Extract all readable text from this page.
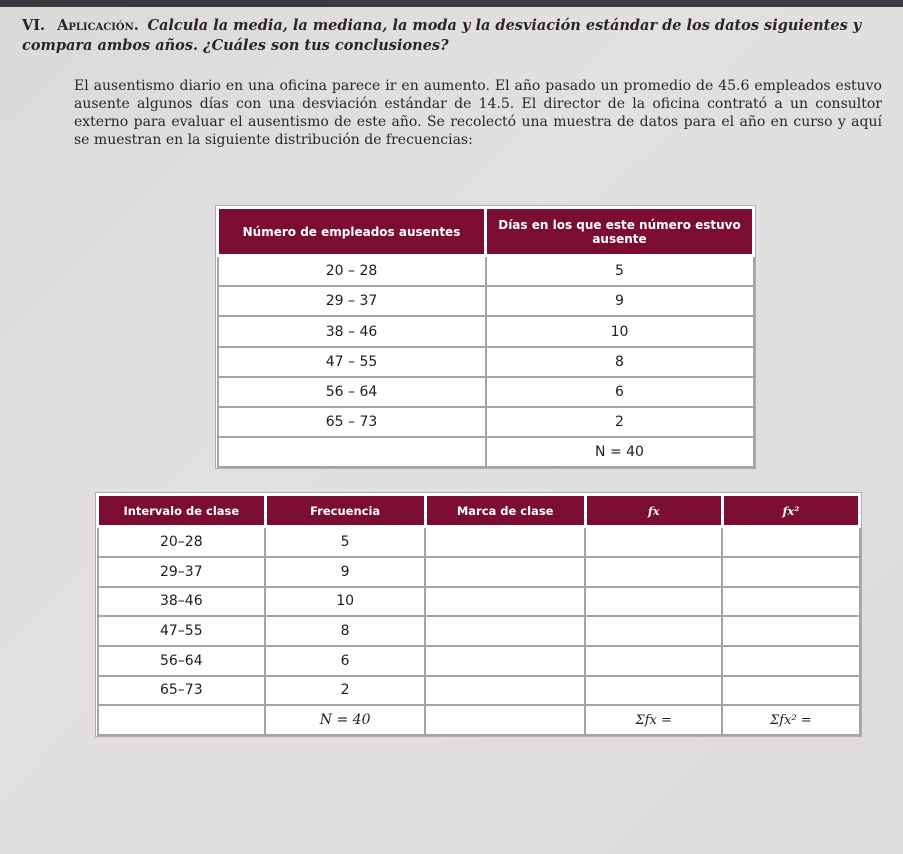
VI. Aplicación. Calcula la media, la mediana, la moda y la desviación estándar de los datos siguientes y compara ambos años. ¿Cuáles son tus conclusiones?
El ausentismo diario en una oficina parece ir en aumento. El año pasado un promedio de 45.6 empleados estuvo ausente algunos días con una desviación estándar de 14.5. El director de la oficina contrató a un consultor externo para evaluar el ausentismo de este año. Se recolectó una muestra de datos para el año en curso y aquí se muestran en la siguiente distribución de frecuencias:
Número de empleados ausentes	Días en los que este número estuvo ausente
20 – 28	5
29 – 37	9
38 – 46	10
47 – 55	8
56 – 64	6
65 – 73	2
	N = 40
Intervalo de clase	Frecuencia	Marca de clase	fx	fx²
20–28	5			
29–37	9			
38–46	10			
47–55	8			
56–64	6			
65–73	2			
	N = 40		Σfx =	Σfx² =
